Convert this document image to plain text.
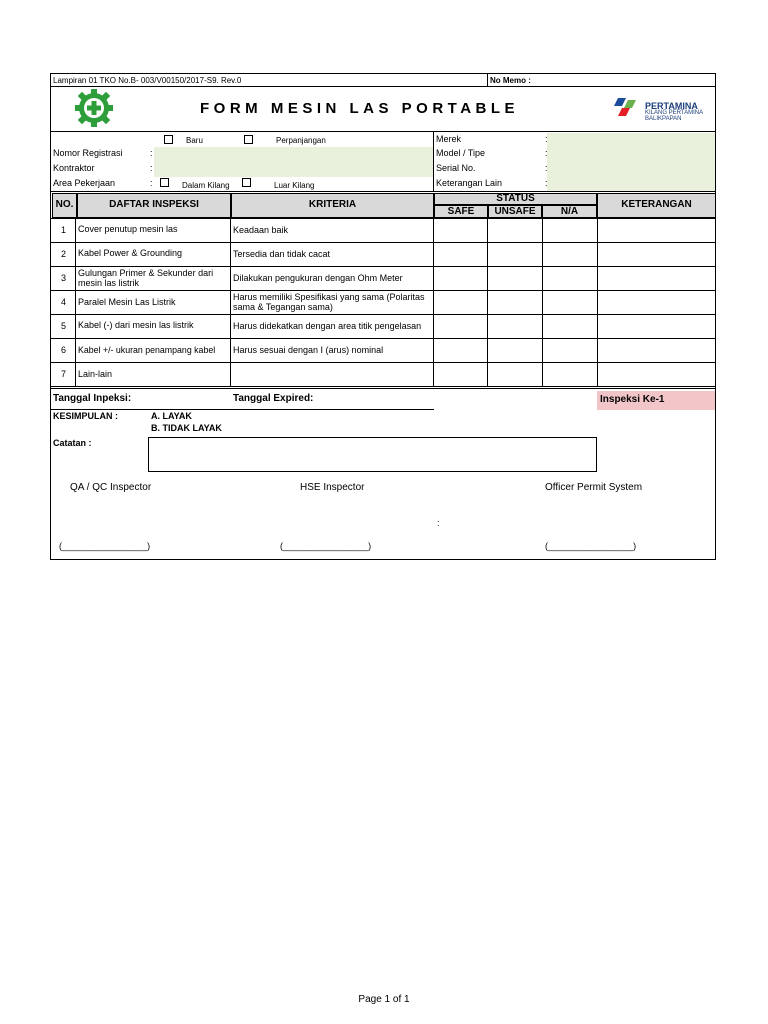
Lampiran 01 TKO No.B- 003/V00150/2017-S9. Rev.0	No Memo :
FORM MESIN LAS PORTABLE	PERTAMINA
KILANG PERTAMINA
BALIKPAPAN
Baru	Perpanjangan
Nomor Registrasi	:
Kontraktor	:
Area Pekerjaan	:	Dalam Kilang	Luar Kilang
Merek	:
Model / Tipe	:
Serial No.	:
Keterangan Lain	:
NO.	DAFTAR INSPEKSI	KRITERIA
STATUS
SAFE	UNSAFE	N/A
KETERANGAN
1	Cover penutup mesin las	Keadaan baik
2	Kabel Power & Grounding	Tersedia dan tidak cacat
3	Gulungan Primer & Sekunder dari mesin las listrik	Dilakukan pengukuran dengan Ohm Meter
4	Paralel Mesin Las Listrik	Harus memiliki Spesifikasi yang sama (Polaritas sama & Tegangan sama)
5	Kabel (-) dari mesin las listrik	Harus didekatkan dengan area titik pengelasan
6	Kabel +/- ukuran penampang kabel	Harus sesuai dengan I (arus) nominal
7	Lain-lain
Tanggal Inpeksi:	Tanggal Expired:	Inspeksi Ke-1
KESIMPULAN :	A. LAYAK
B. TIDAK LAYAK
Catatan :
QA / QC Inspector	HSE Inspector	Officer Permit System
:
(_________________)	(_________________)	(_________________)
Page 1 of 1
